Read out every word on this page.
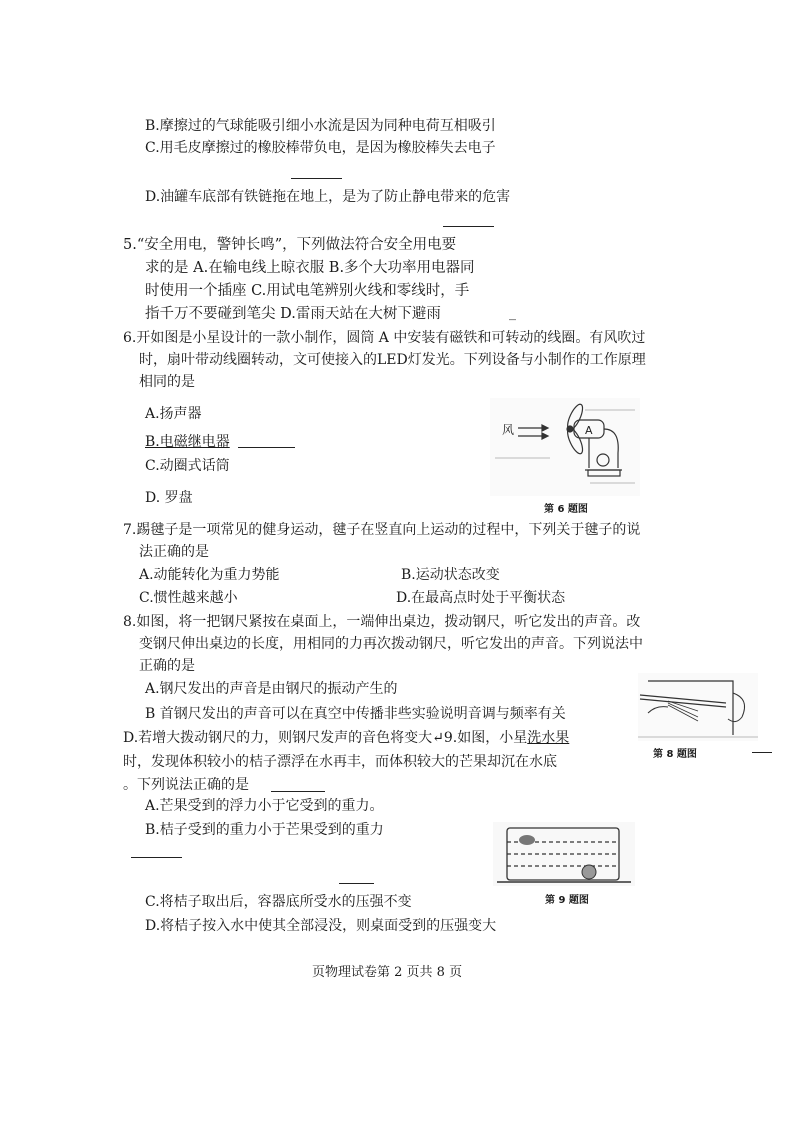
B.摩擦过的气球能吸引细小水流是因为同种电荷互相吸引
C.用毛皮摩擦过的橡胶棒带负电，是因为橡胶棒失去电子
D.油罐车底部有铁链拖在地上，是为了防止静电带来的危害
5.“安全用电，警钟长鸣”，下列做法符合安全用电要
求的是 A.在输电线上晾衣服 B.多个大功率用电器同
时使用一个插座 C.用试电笔辨别火线和零线时，手
指千万不要碰到笔尖 D.雷雨天站在大树下避雨	_
6.开如图是小星设计的一款小制作，圆筒 A 中安装有磁铁和可转动的线圈。有风吹过
时，扇叶带动线圈转动，文可使接入的LED灯发光。下列设备与小制作的工作原理
相同的是
A.扬声器
B.电磁继电器
C.动圈式话筒
D. 罗盘
风	A
第 6 题图
7.踢毽子是一项常见的健身运动，毽子在竖直向上运动的过程中，下列关于毽子的说
法正确的是
A.动能转化为重力势能	B.运动状态改变
C.惯性越来越小	D.在最高点时处于平衡状态
8.如图，将一把钢尺紧按在桌面上，一端伸出桌边，拨动钢尺，听它发出的声音。改
变钢尺伸出桌边的长度，用相同的力再次拨动钢尺，听它发出的声音。下列说法中
正确的是
A.钢尺发出的声音是由钢尺的振动产生的
第 8 题图
B 首钢尺发出的声音可以在真空中传播非些实验说明音调与频率有关
D.若增大拨动钢尺的力，则钢尺发声的音色将变大↵9.如图，小星洗水果
时，发现体积较小的桔子漂浮在水再丰，而体积较大的芒果却沉在水底
。下列说法正确的是
A.芒果受到的浮力小于它受到的重力。
B.桔子受到的重力小于芒果受到的重力
第 9 题图
C.将桔子取出后，容器底所受水的压强不变
D.将桔子按入水中使其全部浸没，则桌面受到的压强变大
页物理试卷第 2 页共 8 页
